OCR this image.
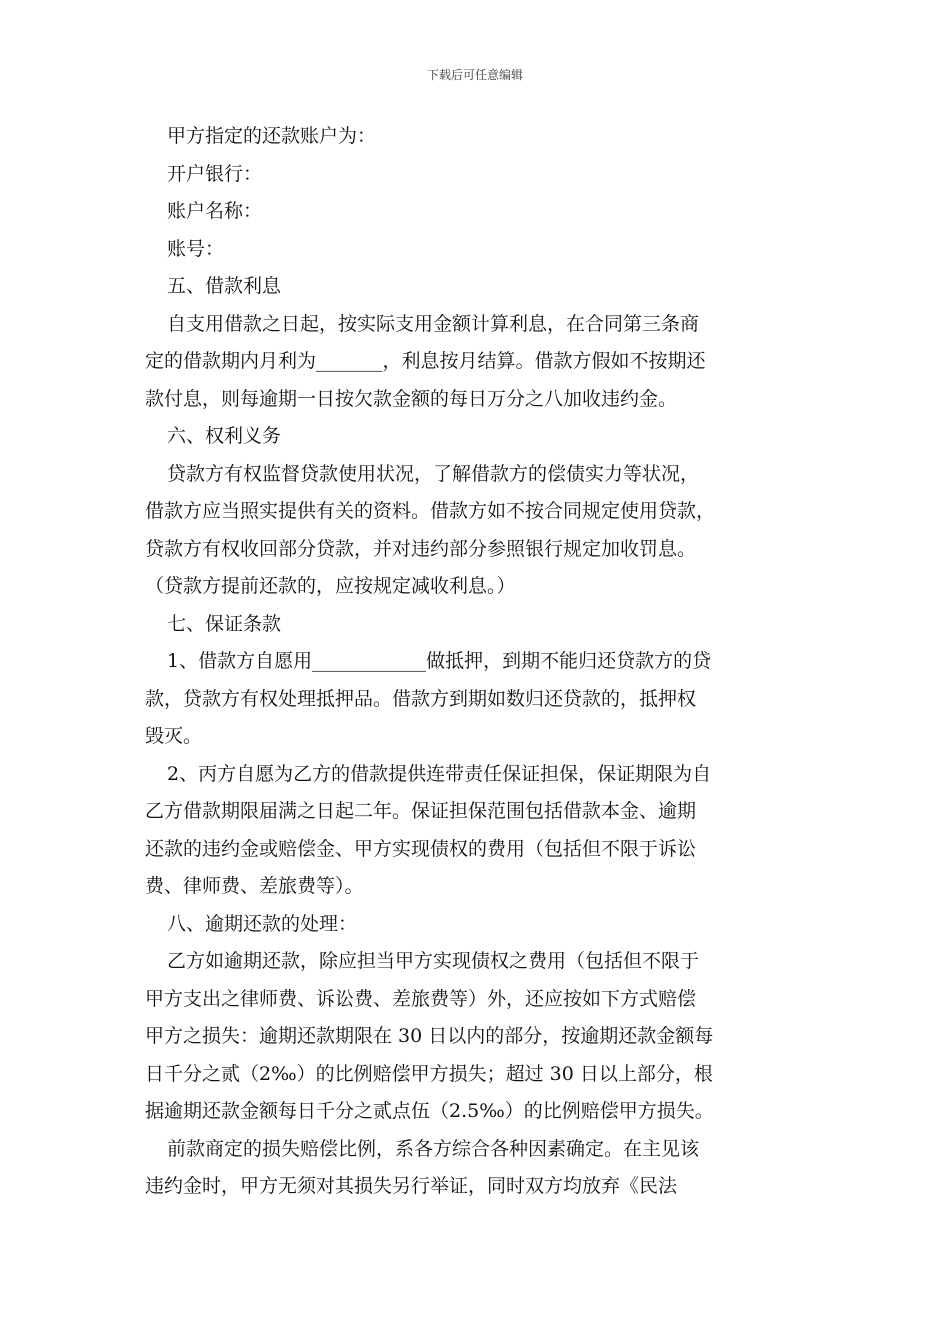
下载后可任意编辑
甲方指定的还款账户为：
开户银行：
账户名称：
账号：
五、借款利息
自支用借款之日起，按实际支用金额计算利息，在合同第三条商
定的借款期内月利为_______，利息按月结算。借款方假如不按期还
款付息，则每逾期一日按欠款金额的每日万分之八加收违约金。
六、权利义务
贷款方有权监督贷款使用状况，了解借款方的偿债实力等状况，
借款方应当照实提供有关的资料。借款方如不按合同规定使用贷款，
贷款方有权收回部分贷款，并对违约部分参照银行规定加收罚息。
（贷款方提前还款的，应按规定减收利息。）
七、保证条款
1、借款方自愿用____________做抵押，到期不能归还贷款方的贷
款，贷款方有权处理抵押品。借款方到期如数归还贷款的，抵押权
毁灭。
2、丙方自愿为乙方的借款提供连带责任保证担保，保证期限为自
乙方借款期限届满之日起二年。保证担保范围包括借款本金、逾期
还款的违约金或赔偿金、甲方实现债权的费用（包括但不限于诉讼
费、律师费、差旅费等）。
八、逾期还款的处理：
乙方如逾期还款，除应担当甲方实现债权之费用（包括但不限于
甲方支出之律师费、诉讼费、差旅费等）外，还应按如下方式赔偿
甲方之损失：逾期还款期限在 30 日以内的部分，按逾期还款金额每
日千分之贰（2‰）的比例赔偿甲方损失；超过 30 日以上部分，根
据逾期还款金额每日千分之贰点伍（2.5‰）的比例赔偿甲方损失。
前款商定的损失赔偿比例，系各方综合各种因素确定。在主见该
违约金时，甲方无须对其损失另行举证，同时双方均放弃《民法
